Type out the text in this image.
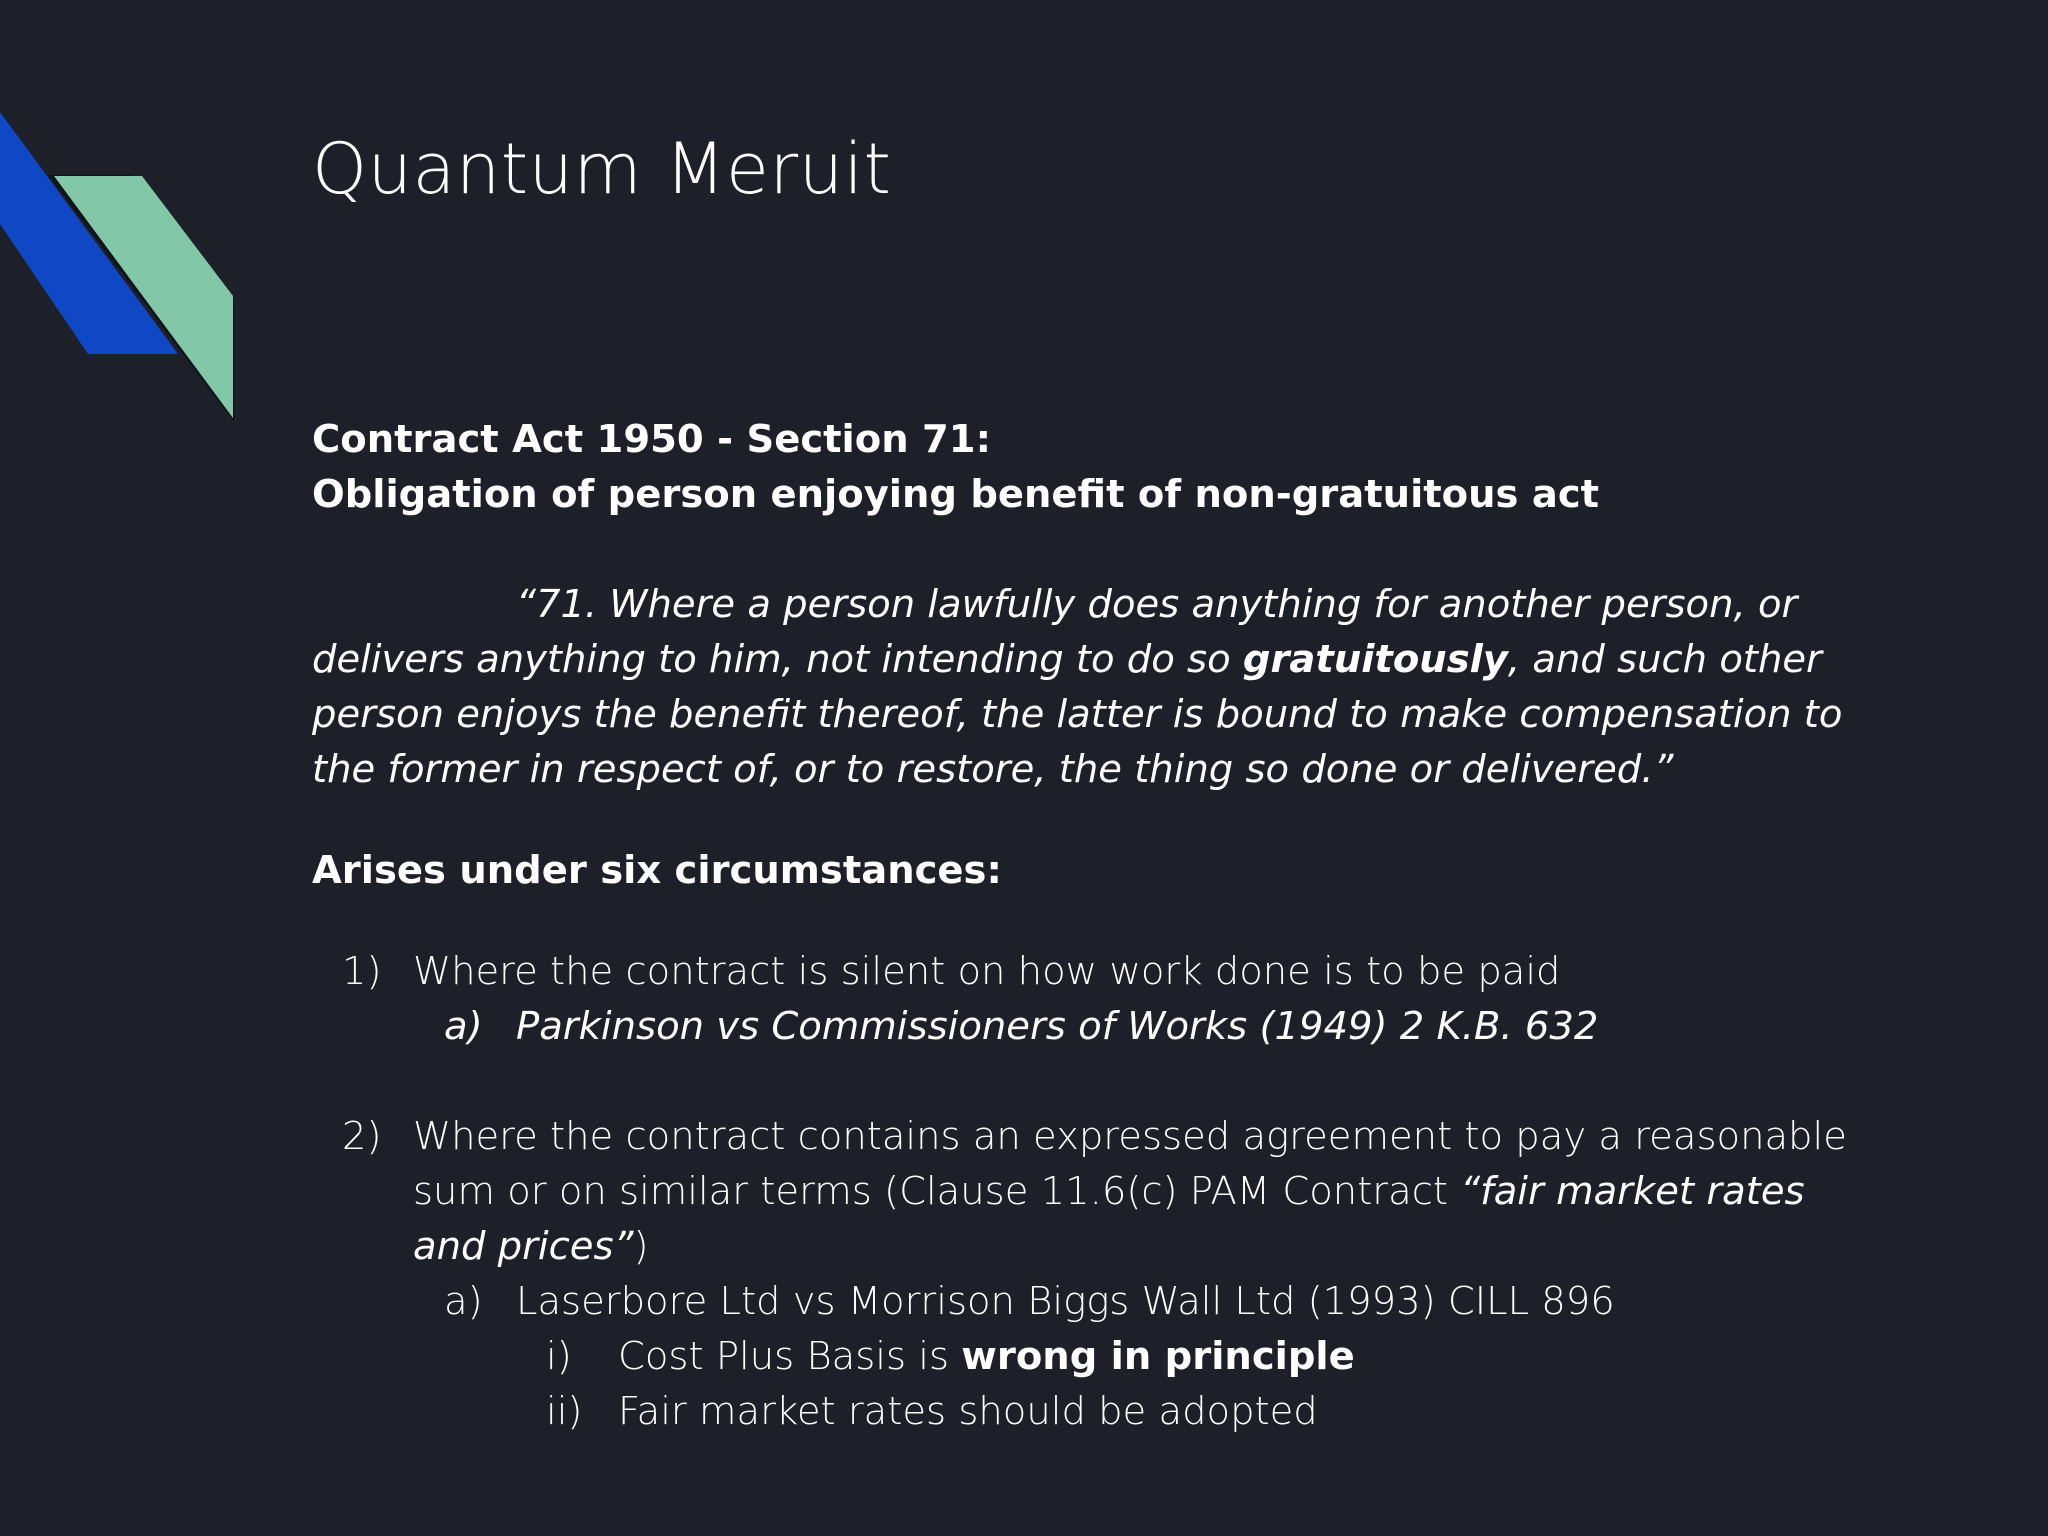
Quantum Meruit
Contract Act 1950 - Section 71:
Obligation of person enjoying benefit of non-gratuitous act
“71. Where a person lawfully does anything for another person, or delivers anything to him, not intending to do so gratuitously, and such other person enjoys the benefit thereof, the latter is bound to make compensation to the former in respect of, or to restore, the thing so done or delivered.”
Arises under six circumstances:
1) Where the contract is silent on how work done is to be paid
a) Parkinson vs Commissioners of Works (1949) 2 K.B. 632
2) Where the contract contains an expressed agreement to pay a reasonable sum or on similar terms (Clause 11.6(c) PAM Contract “fair market rates and prices”)
a) Laserbore Ltd vs Morrison Biggs Wall Ltd (1993) CILL 896
i) Cost Plus Basis is wrong in principle
ii) Fair market rates should be adopted
